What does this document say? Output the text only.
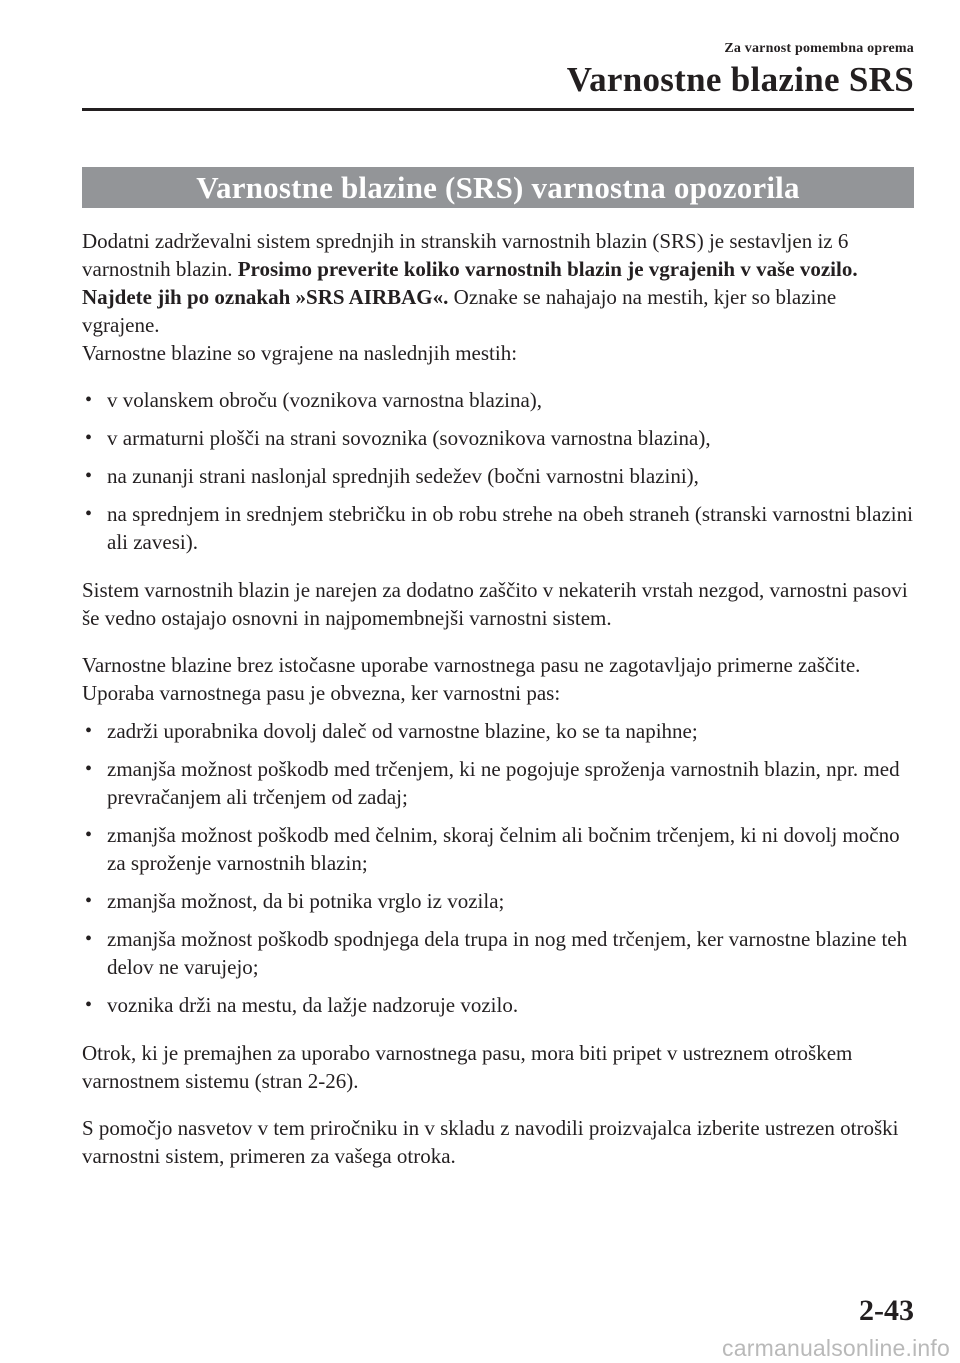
Za varnost pomembna oprema
Varnostne blazine SRS
Varnostne blazine (SRS) varnostna opozorila

Dodatni zadrževalni sistem sprednjih in stranskih varnostnih blazin (SRS) je sestavljen iz 6 varnostnih blazin. Prosimo preverite koliko varnostnih blazin je vgrajenih v vaše vozilo. Najdete jih po oznakah »SRS AIRBAG«. Oznake se nahajajo na mestih, kjer so blazine vgrajene.

Varnostne blazine so vgrajene na naslednjih mestih:

• v volanskem obroču (voznikova varnostna blazina),
• v armaturni plošči na strani sovoznika (sovoznikova varnostna blazina),
• na zunanji strani naslonjal sprednjih sedežev (bočni varnostni blazini),
• na sprednjem in srednjem stebričku in ob robu strehe na obeh straneh (stranski varnostni blazini ali zavesi).

Sistem varnostnih blazin je narejen za dodatno zaščito v nekaterih vrstah nezgod, varnostni pasovi še vedno ostajajo osnovni in najpomembnejši varnostni sistem.

Varnostne blazine brez istočasne uporabe varnostnega pasu ne zagotavljajo primerne zaščite.

Uporaba varnostnega pasu je obvezna, ker varnostni pas:

• zadrži uporabnika dovolj daleč od varnostne blazine, ko se ta napihne;
• zmanjša možnost poškodb med trčenjem, ki ne pogojuje sproženja varnostnih blazin, npr. med prevračanjem ali trčenjem od zadaj;
• zmanjša možnost poškodb med čelnim, skoraj čelnim ali bočnim trčenjem, ki ni dovolj močno za sproženje varnostnih blazin;
• zmanjša možnost, da bi potnika vrglo iz vozila;
• zmanjša možnost poškodb spodnjega dela trupa in nog med trčenjem, ker varnostne blazine teh delov ne varujejo;
• voznika drži na mestu, da lažje nadzoruje vozilo.

Otrok, ki je premajhen za uporabo varnostnega pasu, mora biti pripet v ustreznem otroškem varnostnem sistemu (stran 2-26).

S pomočjo nasvetov v tem priročniku in v skladu z navodili proizvajalca izberite ustrezen otroški varnostni sistem, primeren za vašega otroka.

2-43
carmanualsonline.info
